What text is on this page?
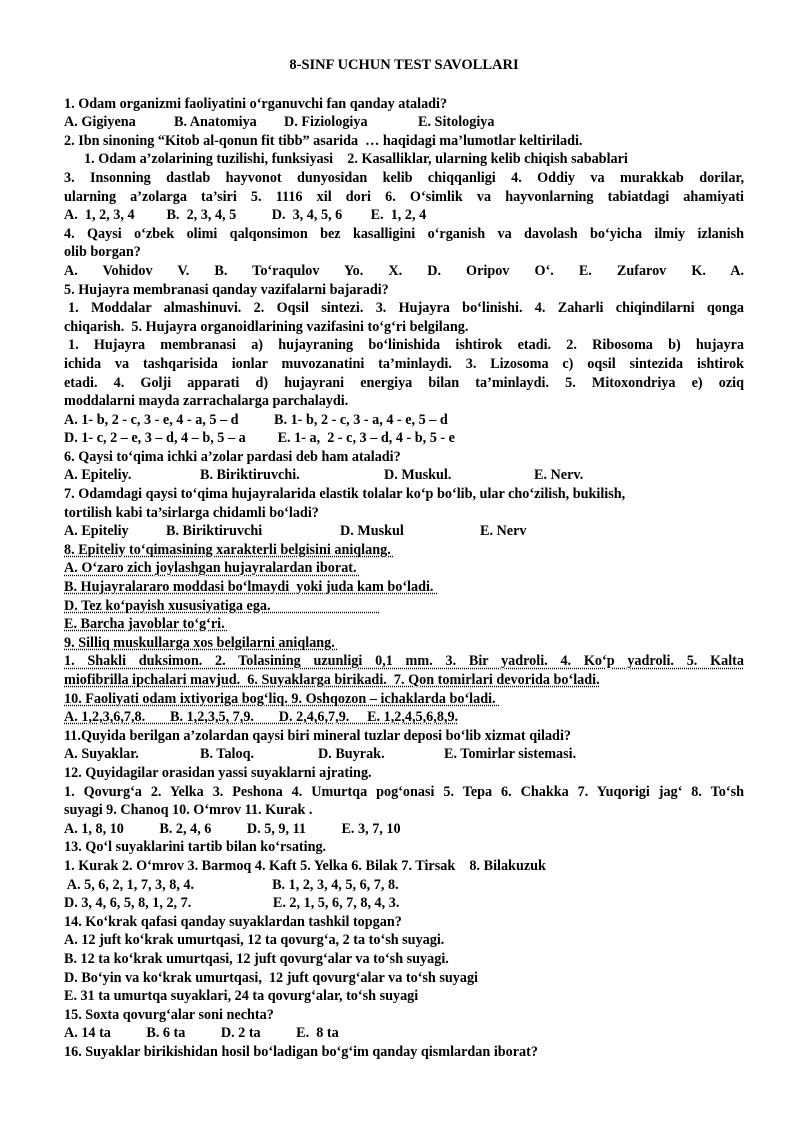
8-SINF UCHUN TEST SAVOLLARI
1. Odam organizmi faoliyatini o‘rganuvchi fan qanday ataladi?
A. Gigiyena	B. Anatomiya D. Fiziologiya	E. Sitologiya
2. Ibn sinoning “Kitob al-qonun fit tibb” asarida  … haqidagi ma’lumotlar keltiriladi.
1. Odam a’zolarining tuzilishi, funksiyasi    2. Kasalliklar, ularning kelib chiqish sabablari
3. Insonning dastlab hayvonot dunyosidan kelib chiqqanligi 4. Oddiy va murakkab dorilar,
ularning a’zolarga ta’siri 5. 1116 xil dori 6. O‘simlik va hayvonlarning tabiatdagi ahamiyati
A.  1, 2, 3, 4         B.  2, 3, 4, 5          D.  3, 4, 5, 6        E.  1, 2, 4
4. Qaysi o‘zbek olimi qalqonsimon bez kasalligini o‘rganish va davolash bo‘yicha ilmiy izlanish
olib borgan?
A. Vohidov V. B. To‘raqulov Yo. X. D. Oripov O‘. E. Zufarov K. A.
5. Hujayra membranasi qanday vazifalarni bajaradi?
1. Moddalar almashinuvi. 2. Oqsil sintezi. 3. Hujayra bo‘linishi. 4. Zaharli chiqindilarni qonga
chiqarish.  5. Hujayra organoidlarining vazifasini to‘g‘ri belgilang.
1. Hujayra membranasi a) hujayraning bo‘linishida ishtirok etadi. 2. Ribosoma b) hujayra
ichida va tashqarisida ionlar muvozanatini ta’minlaydi. 3. Lizosoma c) oqsil sintezida ishtirok
etadi. 4. Golji apparati d) hujayrani energiya bilan ta’minlaydi. 5. Mitoxondriya e) oziq
moddalarni mayda zarrachalarga parchalaydi.
A. 1- b, 2 - c, 3 - e, 4 - a, 5 – d          B. 1- b, 2 - c, 3 - a, 4 - e, 5 – d
D. 1- c, 2 – e, 3 – d, 4 – b, 5 – a         E. 1- a,  2 - c, 3 – d, 4 - b, 5 - e
6. Qaysi to‘qima ichki a’zolar pardasi deb ham ataladi?
A. Epiteliy.	B. Biriktiruvchi.	D. Muskul.	E. Nerv.
7. Odamdagi qaysi to‘qima hujayralarida elastik tolalar ko‘p bo‘lib, ular cho‘zilish, bukilish,
tortilish kabi ta’sirlarga chidamli bo‘ladi?
A. Epiteliy	B. Biriktiruvchi	D. Muskul	E. Nerv
8. Epiteliy to‘qimasining xarakterli belgisini aniqlang.
A. O‘zaro zich joylashgan hujayralardan iborat.
B. Hujayralararo moddasi bo‘lmaydi  yoki juda kam bo‘ladi.
D. Tez ko‘payish xususiyatiga ega.
E. Barcha javoblar to‘g‘ri.
9. Silliq muskullarga xos belgilarni aniqlang.
1. Shakli duksimon. 2. Tolasining uzunligi 0,1 mm. 3. Bir yadroli. 4. Ko‘p yadroli. 5. Kalta
miofibrilla ipchalari mavjud.  6. Suyaklarga birikadi.  7. Qon tomirlari devorida bo‘ladi.
10. Faoliyati odam ixtiyoriga bog‘liq. 9. Oshqozon – ichaklarda bo‘ladi.
A. 1,2,3,6,7,8.       B. 1,2,3,5, 7,9.       D. 2,4,6,7,9.     E. 1,2,4,5,6,8,9.
11.Quyida berilgan a’zolardan qaysi biri mineral tuzlar deposi bo‘lib xizmat qiladi?
A. Suyaklar.	B. Taloq.	D. Buyrak.	E. Tomirlar sistemasi.
12. Quyidagilar orasidan yassi suyaklarni ajrating.
1. Qovurg‘a 2. Yelka 3. Peshona 4. Umurtqa pog‘onasi 5. Tepa 6. Chakka 7. Yuqorigi jag‘ 8. To‘sh
suyagi 9. Chanoq 10. O‘mrov 11. Kurak .
A. 1, 8, 10          B. 2, 4, 6          D. 5, 9, 11          E. 3, 7, 10
13. Qo‘l suyaklarini tartib bilan ko‘rsating.
1. Kurak 2. O‘mrov 3. Barmoq 4. Kaft 5. Yelka 6. Bilak 7. Tirsak    8. Bilakuzuk
A. 5, 6, 2, 1, 7, 3, 8, 4.                      B. 1, 2, 3, 4, 5, 6, 7, 8.
D. 3, 4, 6, 5, 8, 1, 2, 7.                       E. 2, 1, 5, 6, 7, 8, 4, 3.
14. Ko‘krak qafasi qanday suyaklardan tashkil topgan?
A. 12 juft ko‘krak umurtqasi, 12 ta qovurg‘a, 2 ta to‘sh suyagi.
B. 12 ta ko‘krak umurtqasi, 12 juft qovurg‘alar va to‘sh suyagi.
D. Bo‘yin va ko‘krak umurtqasi,  12 juft qovurg‘alar va to‘sh suyagi
E. 31 ta umurtqa suyaklari, 24 ta qovurg‘alar, to‘sh suyagi
15. Soxta qovurg‘alar soni nechta?
A. 14 ta          B. 6 ta          D. 2 ta          E.  8 ta
16. Suyaklar birikishidan hosil bo‘ladigan bo‘g‘im qanday qismlardan iborat?
